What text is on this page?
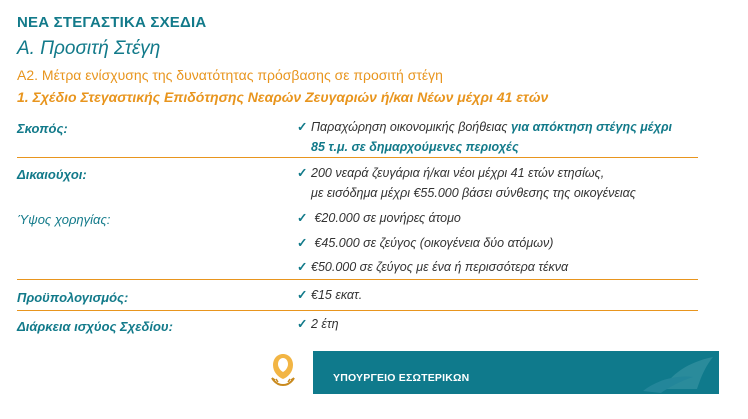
ΝΕΑ ΣΤΕΓΑΣΤΙΚΑ ΣΧΕΔΙΑ
Α. Προσιτή Στέγη
Α2. Μέτρα ενίσχυσης της δυνατότητας πρόσβασης σε προσιτή στέγη
1. Σχέδιο Στεγαστικής Επιδότησης Νεαρών Ζευγαριών ή/και Νέων μέχρι 41 ετών
Σκοπός:	✓ Παραχώρηση οικονομικής βοήθειας για απόκτηση στέγης μέχρι
85 τ.μ. σε δημαρχούμενες περιοχές
Δικαιούχοι:	✓ 200 νεαρά ζευγάρια ή/και νέοι μέχρι 41 ετών ετησίως,
με εισόδημα μέχρι €55.000 βάσει σύνθεσης της οικογένειας
Ύψος χορηγίας:	✓ €20.000 σε μονήρες άτομο
✓ €45.000 σε ζεύγος (οικογένεια δύο ατόμων)
✓ €50.000 σε ζεύγος με ένα ή περισσότερα τέκνα
Προϋπολογισμός:	✓ €15 εκατ.
Διάρκεια ισχύος Σχεδίου:	✓ 2 έτη
ΥΠΟΥΡΓΕΙΟ ΕΣΩΤΕΡΙΚΩΝ
